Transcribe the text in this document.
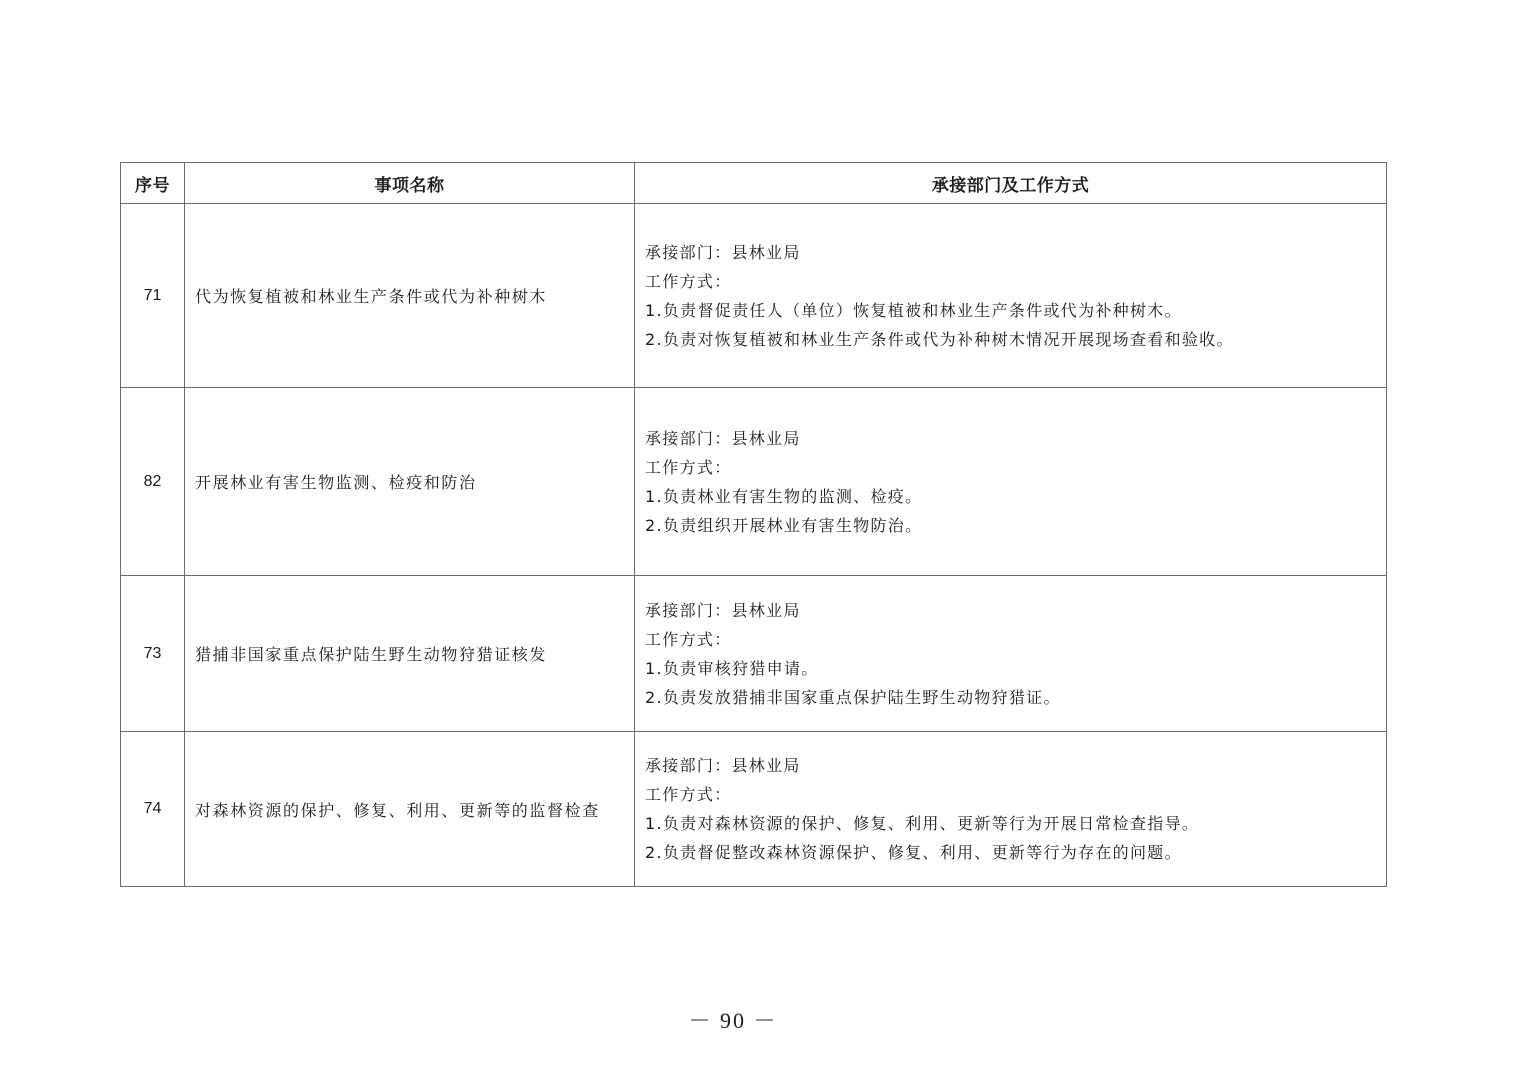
序号	事项名称	承接部门及工作方式
71	代为恢复植被和林业生产条件或代为补种树木	承接部门：县林业局
工作方式：
1.负责督促责任人（单位）恢复植被和林业生产条件或代为补种树木。
2.负责对恢复植被和林业生产条件或代为补种树木情况开展现场查看和验收。

82	开展林业有害生物监测、检疫和防治	承接部门：县林业局
工作方式：
1.负责林业有害生物的监测、检疫。
2.负责组织开展林业有害生物防治。

73	猎捕非国家重点保护陆生野生动物狩猎证核发	承接部门：县林业局
工作方式：
1.负责审核狩猎申请。
2.负责发放猎捕非国家重点保护陆生野生动物狩猎证。

74	对森林资源的保护、修复、利用、更新等的监督检查	承接部门：县林业局
工作方式：
1.负责对森林资源的保护、修复、利用、更新等行为开展日常检查指导。
2.负责督促整改森林资源保护、修复、利用、更新等行为存在的问题。
－ 90 －
